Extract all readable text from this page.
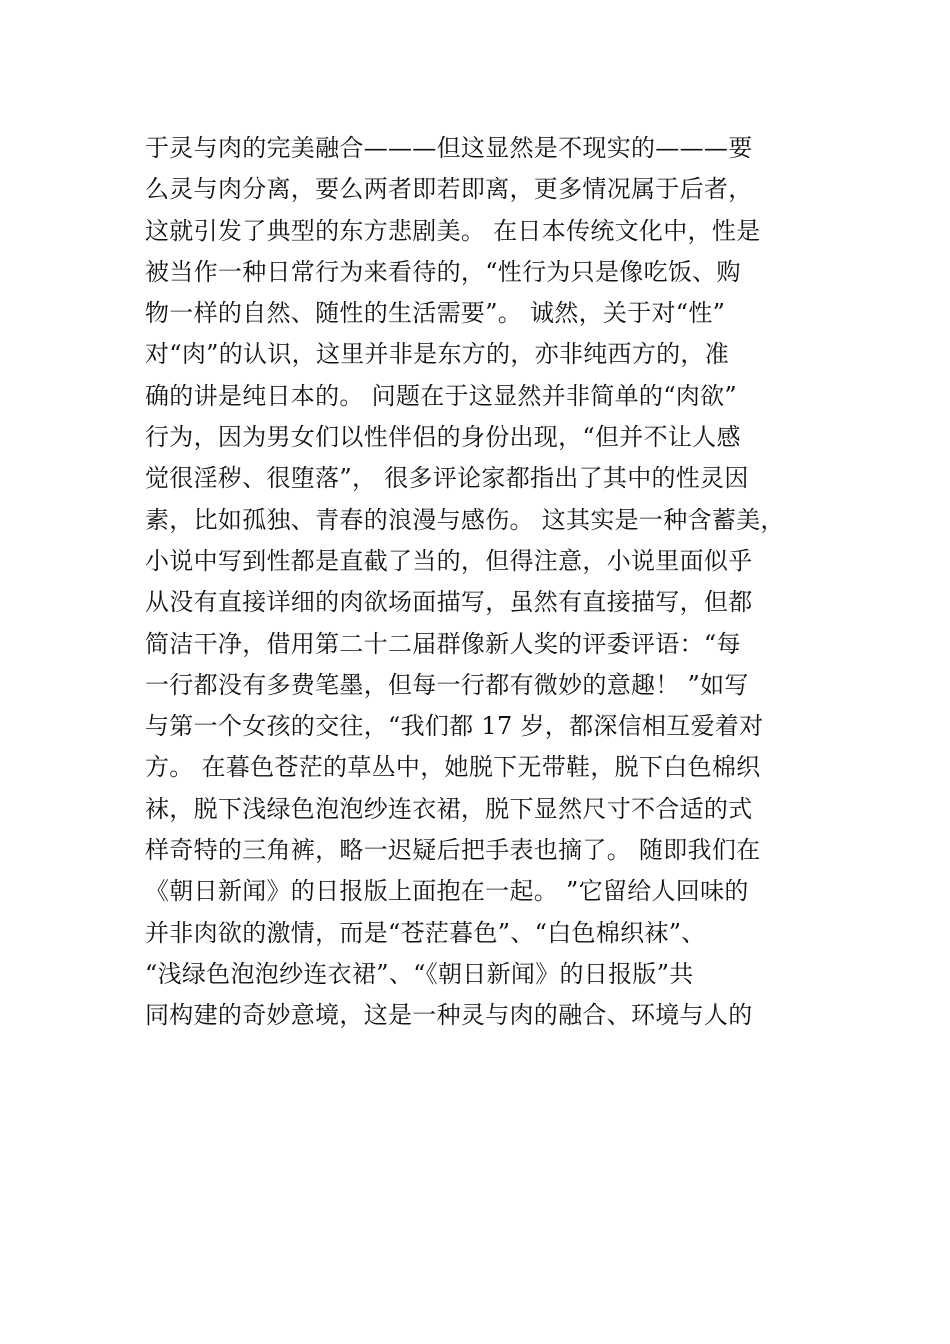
于灵与肉的完美融合———但这显然是不现实的———要
么灵与肉分离，要么两者即若即离，更多情况属于后者，
这就引发了典型的东方悲剧美。 在日本传统文化中，性是
被当作一种日常行为来看待的，“性行为只是像吃饭、购
物一样的自然、随性的生活需要”。 诚然，关于对“性”
对“肉”的认识，这里并非是东方的，亦非纯西方的，准
确的讲是纯日本的。 问题在于这显然并非简单的“肉欲”
行为，因为男女们以性伴侣的身份出现，“但并不让人感
觉很淫秽、很堕落”， 很多评论家都指出了其中的性灵因
素，比如孤独、青春的浪漫与感伤。 这其实是一种含蓄美，
小说中写到性都是直截了当的，但得注意，小说里面似乎
从没有直接详细的肉欲场面描写，虽然有直接描写，但都
简洁干净，借用第二十二届群像新人奖的评委评语：“每
一行都没有多费笔墨，但每一行都有微妙的意趣！ ”如写
与第一个女孩的交往，“我们都 17 岁，都深信相互爱着对
方。 在暮色苍茫的草丛中，她脱下无带鞋，脱下白色棉织
袜，脱下浅绿色泡泡纱连衣裙，脱下显然尺寸不合适的式
样奇特的三角裤，略一迟疑后把手表也摘了。 随即我们在
《朝日新闻》的日报版上面抱在一起。 ”它留给人回味的
并非肉欲的激情，而是“苍茫暮色”、“白色棉织袜”、
“浅绿色泡泡纱连衣裙”、“《朝日新闻》的日报版”共
同构建的奇妙意境，这是一种灵与肉的融合、环境与人的
